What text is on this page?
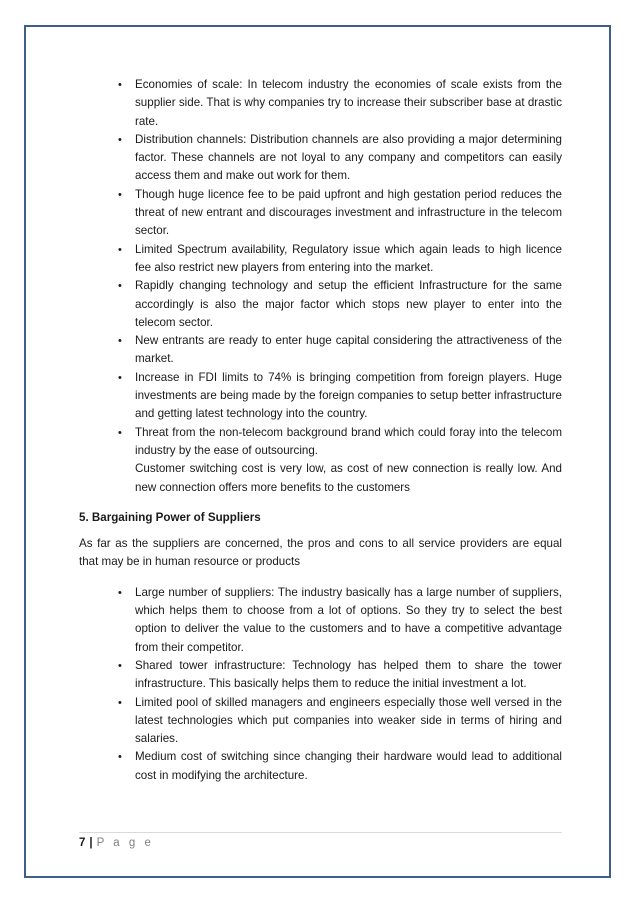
• Economies of scale: In telecom industry the economies of scale exists from the supplier side. That is why companies try to increase their subscriber base at drastic rate.
• Distribution channels: Distribution channels are also providing a major determining factor. These channels are not loyal to any company and competitors can easily access them and make out work for them.
• Though huge licence fee to be paid upfront and high gestation period reduces the threat of new entrant and discourages investment and infrastructure in the telecom sector.
• Limited Spectrum availability, Regulatory issue which again leads to high licence fee also restrict new players from entering into the market.
• Rapidly changing technology and setup the efficient Infrastructure for the same accordingly is also the major factor which stops new player to enter into the telecom sector.
• New entrants are ready to enter huge capital considering the attractiveness of the market.
• Increase in FDI limits to 74% is bringing competition from foreign players. Huge investments are being made by the foreign companies to setup better infrastructure and getting latest technology into the country.
• Threat from the non-telecom background brand which could foray into the telecom industry by the ease of outsourcing.

Customer switching cost is very low, as cost of new connection is really low. And new connection offers more benefits to the customers

5. Bargaining Power of Suppliers

As far as the suppliers are concerned, the pros and cons to all service providers are equal that may be in human resource or products

• Large number of suppliers: The industry basically has a large number of suppliers, which helps them to choose from a lot of options. So they try to select the best option to deliver the value to the customers and to have a competitive advantage from their competitor.
• Shared tower infrastructure: Technology has helped them to share the tower infrastructure. This basically helps them to reduce the initial investment a lot.
• Limited pool of skilled managers and engineers especially those well versed in the latest technologies which put companies into weaker side in terms of hiring and salaries.
• Medium cost of switching since changing their hardware would lead to additional cost in modifying the architecture.
7 | P a g e
